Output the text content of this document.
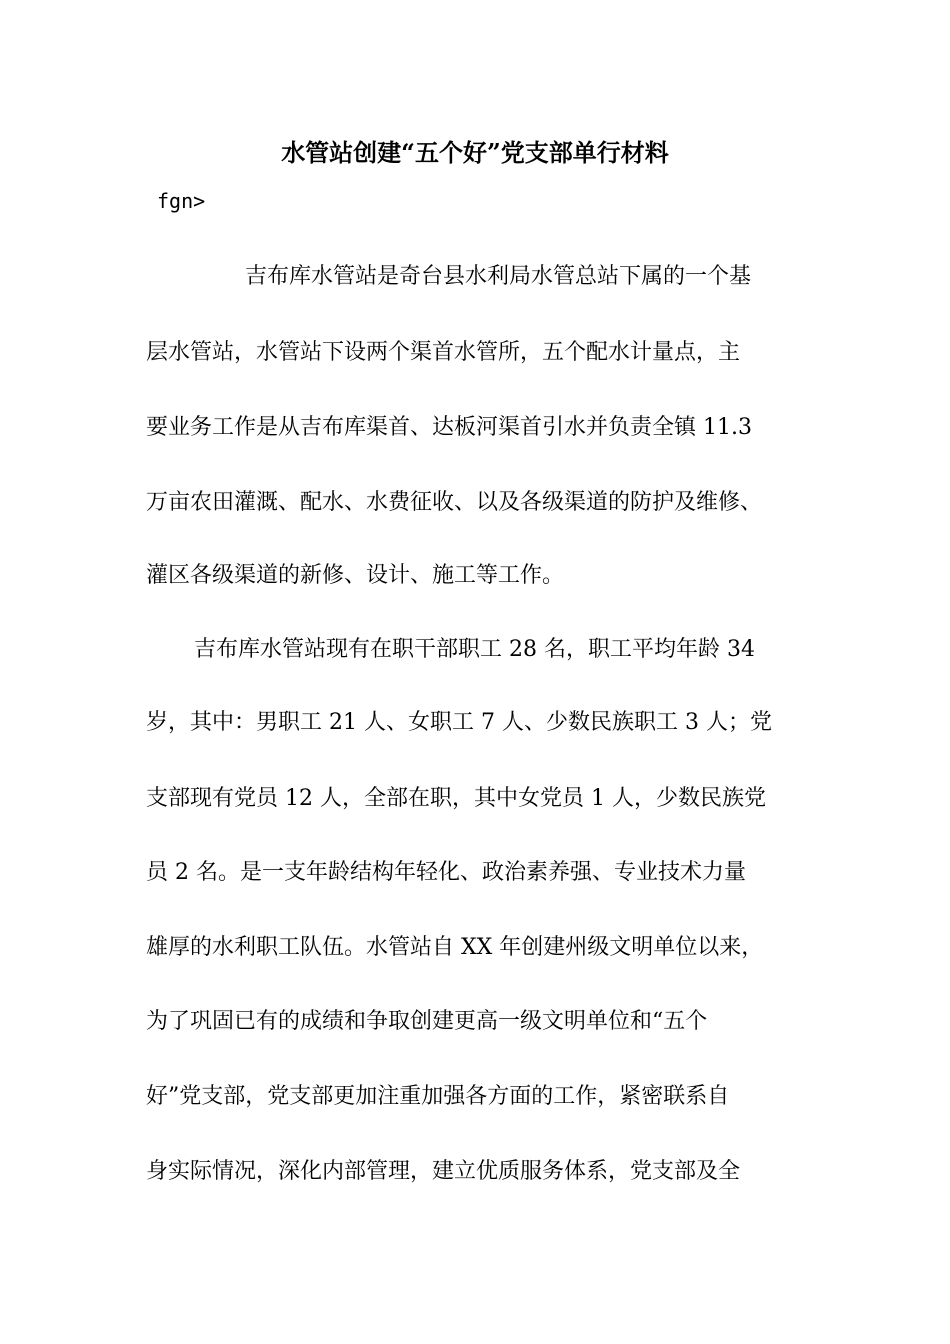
水管站创建“五个好”党支部单行材料
fgn>
吉布库水管站是奇台县水利局水管总站下属的一个基
层水管站，水管站下设两个渠首水管所，五个配水计量点，主
要业务工作是从吉布库渠首、达板河渠首引水并负责全镇 11.3
万亩农田灌溉、配水、水费征收、以及各级渠道的防护及维修、
灌区各级渠道的新修、设计、施工等工作。
吉布库水管站现有在职干部职工 28 名，职工平均年龄 34
岁，其中：男职工 21 人、女职工 7 人、少数民族职工 3 人；党
支部现有党员 12 人，全部在职，其中女党员 1 人，少数民族党
员 2 名。是一支年龄结构年轻化、政治素养强、专业技术力量
雄厚的水利职工队伍。水管站自 XX 年创建州级文明单位以来，
为了巩固已有的成绩和争取创建更高一级文明单位和“五个
好”党支部，党支部更加注重加强各方面的工作，紧密联系自
身实际情况，深化内部管理，建立优质服务体系，党支部及全
